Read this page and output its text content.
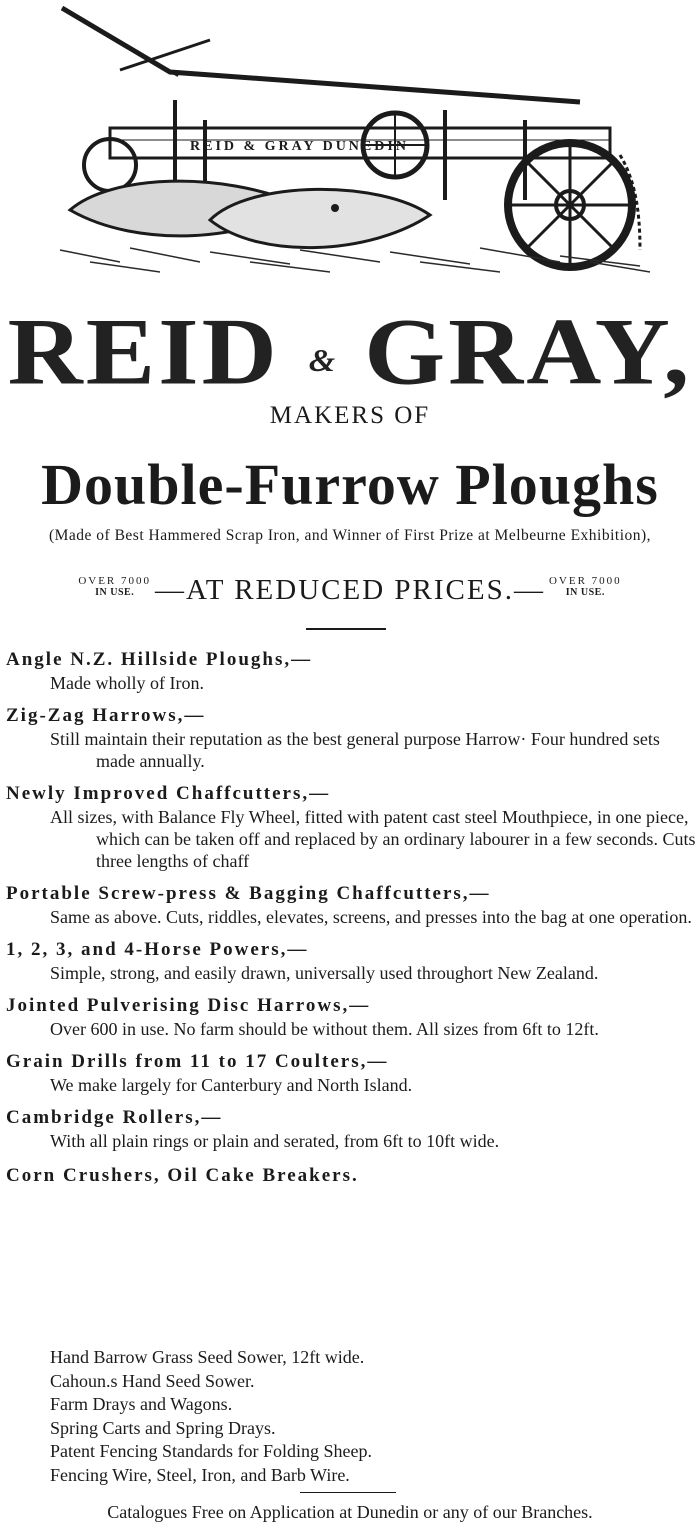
REID & GRAY DUNEDIN
REID & GRAY,
MAKERS OF
Double-Furrow Ploughs
(Made of Best Hammered Scrap Iron, and Winner of First Prize at Melbeurne Exhibition),
OVER 7000
IN USE. —AT REDUCED PRICES.— OVER 7000
IN USE.
Angle N.Z. Hillside Ploughs,—
Made wholly of Iron.
Zig-Zag Harrows,—
Still maintain their reputation as the best general purpose Harrow· Four hundred sets made annually.
Newly Improved Chaffcutters,—
All sizes, with Balance Fly Wheel, fitted with patent cast steel Mouthpiece, in one piece, which can be taken off and replaced by an ordinary labourer in a few seconds. Cuts three lengths of chaff
Portable Screw-press & Bagging Chaffcutters,—
Same as above. Cuts, riddles, elevates, screens, and presses into the bag at one operation.
1, 2, 3, and 4-Horse Powers,—
Simple, strong, and easily drawn, universally used throughort New Zealand.
Jointed Pulverising Disc Harrows,—
Over 600 in use. No farm should be without them. All sizes from 6ft to 12ft.
Grain Drills from 11 to 17 Coulters,—
We make largely for Canterbury and North Island.
Cambridge Rollers,—
With all plain rings or plain and serated, from 6ft to 10ft wide.
Corn Crushers, Oil Cake Breakers.
Hand Barrow Grass Seed Sower, 12ft wide.
Cahoun.s Hand Seed Sower.
Farm Drays and Wagons.
Spring Carts and Spring Drays.
Patent Fencing Standards for Folding Sheep.
Fencing Wire, Steel, Iron, and Barb Wire.
Catalogues Free on Application at Dunedin or any of our Branches.
